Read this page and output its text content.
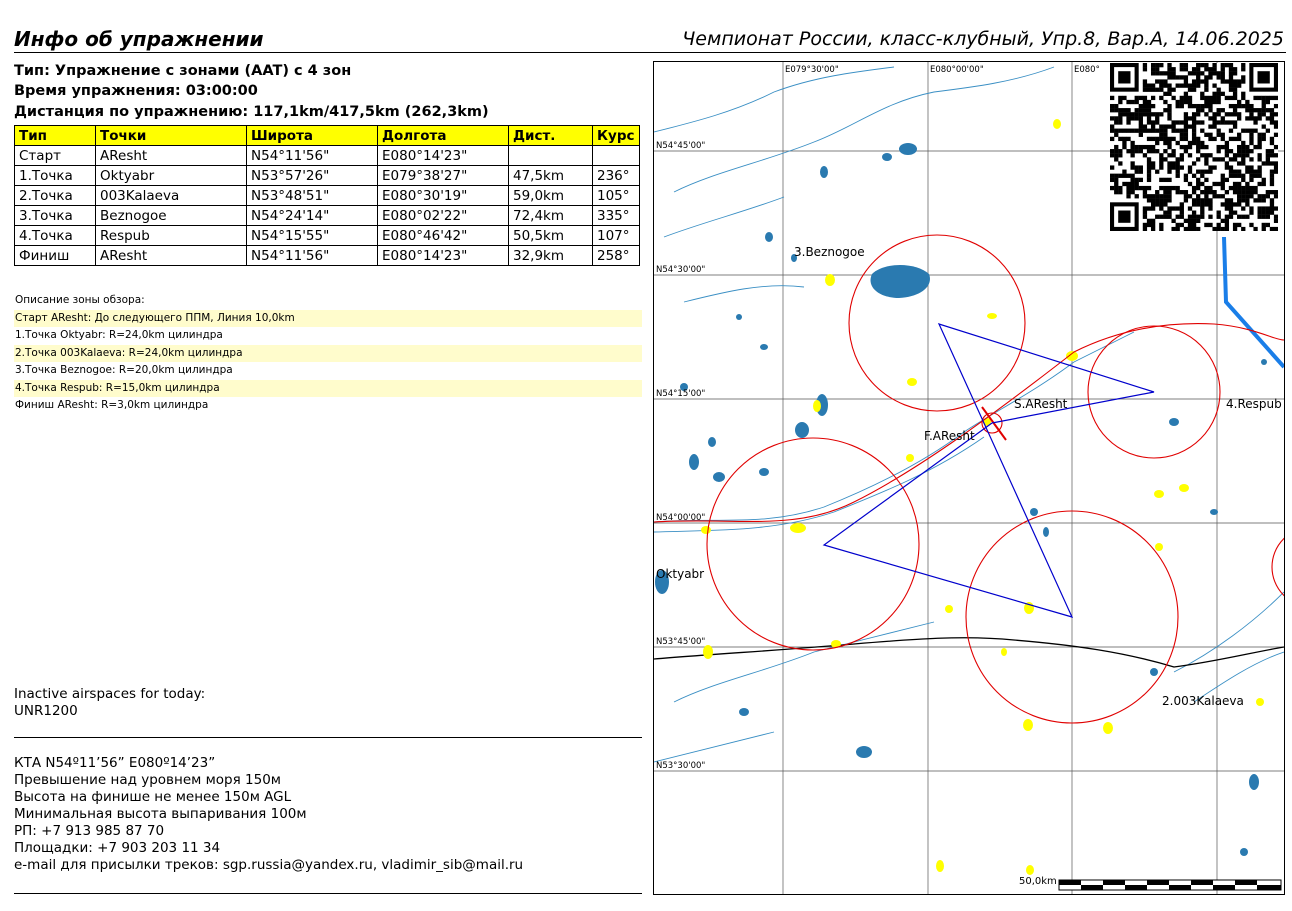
Инфо об упражнении	Чемпионат России, класс-клубный, Упр.8, Вар.А, 14.06.2025
Тип: Упражнение с зонами (AAT) с 4 зон
Время упражнения: 03:00:00
Дистанция по упражнению: 117,1km/417,5km (262,3km)
Тип	Точки	Широта	Долгота	Дист.	Курс
Старт	AResht	N54°11'56"	E080°14'23"		
1.Точка	Oktyabr	N53°57'26"	E079°38'27"	47,5km	236°
2.Точка	003Kalaeva	N53°48'51"	E080°30'19"	59,0km	105°
3.Точка	Beznogoe	N54°24'14"	E080°02'22"	72,4km	335°
4.Точка	Respub	N54°15'55"	E080°46'42"	50,5km	107°
Финиш	AResht	N54°11'56"	E080°14'23"	32,9km	258°
Описание зоны обзора:
Старт AResht: До следующего ППМ, Линия 10,0km
1.Точка Oktyabr: R=24,0km цилиндра
2.Точка 003Kalaeva: R=24,0km цилиндра
3.Точка Beznogoe: R=20,0km цилиндра
4.Точка Respub: R=15,0km цилиндра
Финиш AResht: R=3,0km цилиндра
Inactive airspaces for today:
UNR1200
КТА N54º11’56” E080º14’23”
Превышение над уровнем моря 150м
Высота на финише не менее 150м AGL
Минимальная высота выпаривания 100м
РП: +7 913 985 87 70
Площадки: +7 903 203 11 34
e-mail для присылки треков: sgp.russia@yandex.ru, vladimir_sib@mail.ru
E079°30'00"	E080°00'00"	E080°
N54°45'00"
N54°30'00"
N54°15'00"
N54°00'00"
N53°45'00"
N53°30'00"
3.Beznogoe
S.AResht
F.AResht
4.Respub
Oktyabr
2.003Kalaeva
50,0km
